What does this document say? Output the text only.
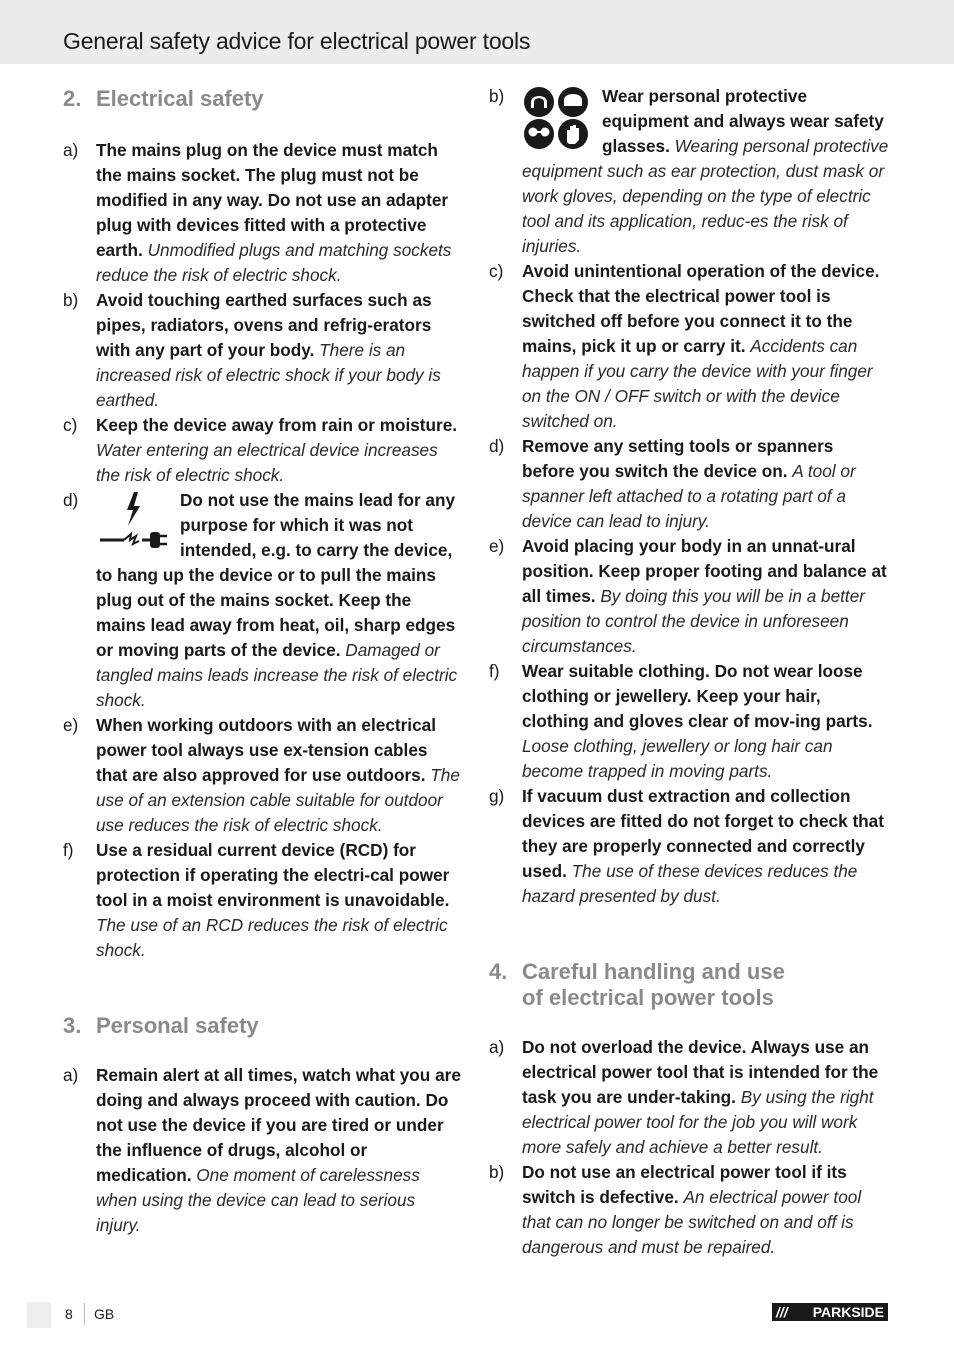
General safety advice for electrical power tools
2. Electrical safety
a)	The mains plug on the device must match the mains socket. The plug must not be modified in any way. Do not use an adapter plug with devices fitted with a protective earth. Unmodified plugs and matching sockets reduce the risk of electric shock.
b)	Avoid touching earthed surfaces such as pipes, radiators, ovens and refrig-erators with any part of your body. There is an increased risk of electric shock if your body is earthed.
c)	Keep the device away from rain or moisture. Water entering an electrical device increases the risk of electric shock.
d)	Do not use the mains lead for any purpose for which it was not intended, e.g. to carry the device, to hang up the device or to pull the mains plug out of the mains socket. Keep the mains lead away from heat, oil, sharp edges or moving parts of the device. Damaged or tangled mains leads increase the risk of electric shock.
e)	When working outdoors with an electrical power tool always use ex-tension cables that are also approved for use outdoors. The use of an extension cable suitable for outdoor use reduces the risk of electric shock.
f)	Use a residual current device (RCD) for protection if operating the electri-cal power tool in a moist environment is unavoidable. The use of an RCD reduces the risk of electric shock.
3. Personal safety
a)	Remain alert at all times, watch what you are doing and always proceed with caution. Do not use the device if you are tired or under the influence of drugs, alcohol or medication. One moment of carelessness when using the device can lead to serious injury.
b)	Wear personal protective equipment and always wear safety glasses. Wearing personal protective equipment such as ear protection, dust mask or work gloves, depending on the type of electric tool and its application, reduc-es the risk of injuries.
c)	Avoid unintentional operation of the device. Check that the electrical power tool is switched off before you connect it to the mains, pick it up or carry it. Accidents can happen if you carry the device with your finger on the ON / OFF switch or with the device switched on.
d)	Remove any setting tools or spanners before you switch the device on. A tool or spanner left attached to a rotating part of a device can lead to injury.
e)	Avoid placing your body in an unnat-ural position. Keep proper footing and balance at all times. By doing this you will be in a better position to control the device in unforeseen circumstances.
f)	Wear suitable clothing. Do not wear loose clothing or jewellery. Keep your hair, clothing and gloves clear of mov-ing parts. Loose clothing, jewellery or long hair can become trapped in moving parts.
g)	If vacuum dust extraction and collection devices are fitted do not forget to check that they are properly connected and correctly used. The use of these devices reduces the hazard presented by dust.
4. Careful handling and use
of electrical power tools
a)	Do not overload the device. Always use an electrical power tool that is intended for the task you are under-taking. By using the right electrical power tool for the job you will work more safely and achieve a better result.
b)	Do not use an electrical power tool if its switch is defective. An electrical power tool that can no longer be switched on and off is dangerous and must be repaired.
8 GB	/// PARKSIDE
